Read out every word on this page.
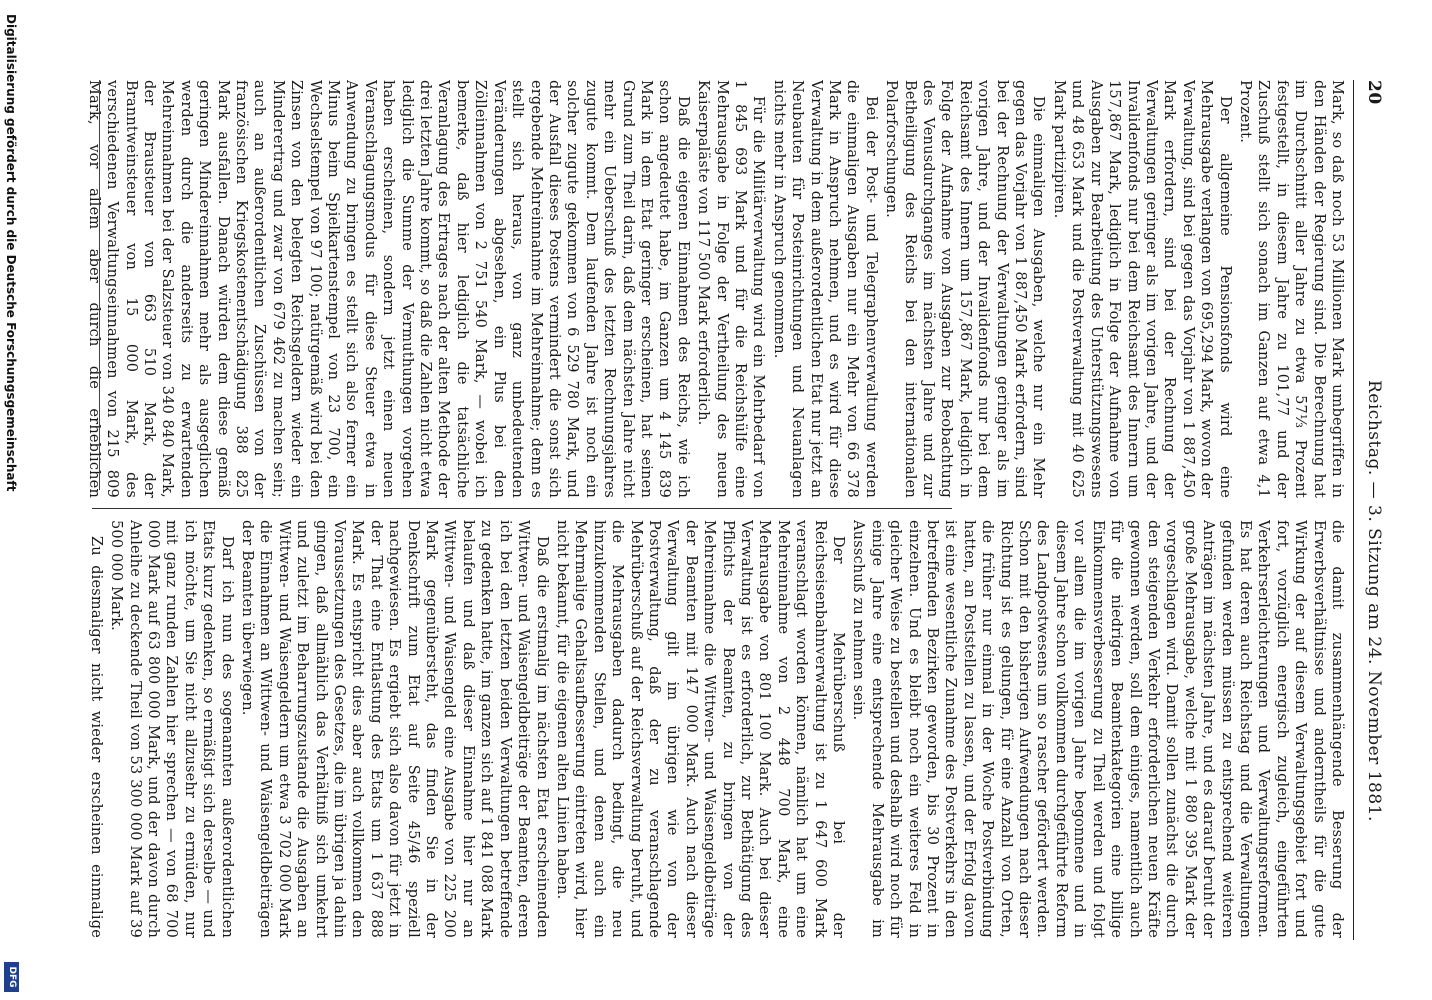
20
Reichstag. — 3. Sitzung am 24. November 1881.

Mark, so daß noch 53 Millionen Mark umbegriffen in den Händen der Regierung sind. Die Berechnung hat im Durchschnitt aller Jahre zu etwa 57⅓ Prozent festgestellt, in diesem Jahre zu 101,77 und der Zuschuß stellt sich sonach im Ganzen auf etwa 4,1 Prozent.

Der allgemeine Pensionsfonds wird eine Mehrausgabe verlangen von 695,294 Mark, wovon der Verwaltung, sind bei gegen das Vorjahr von 1 887,450 Mark erfordern, sind bei der Rechnung der Verwaltungen geringer als im vorigen Jahre, und der Invalidenfonds nur bei dem Reichsamt des Innern um 157,867 Mark, lediglich in Folge der Aufnahme von Ausgaben zur Bearbeitung des Unterstützungswesens und 48 653 Mark und die Postverwaltung mit 40 625 Mark partizipiren.

Die einmaligen Ausgaben, welche nur ein Mehr gegen das Vorjahr von 1 887,450 Mark erfordern, sind bei der Rechnung der Verwaltungen geringer als im vorigen Jahre, und der Invalidenfonds nur bei dem Reichsamt des Innern um 157,867 Mark, lediglich in Folge der Aufnahme von Ausgaben zur Beobachtung des Venusdurchganges im nächsten Jahre und zur Betheiligung des Reichs bei den internationalen Polarforschungen.

Bei der Post- und Telegraphenverwaltung werden die einmaligen Ausgaben nur ein Mehr von 66 378 Mark in Anspruch nehmen, und es wird für diese Verwaltung in dem außerordentlichen Etat nur jetzt an Neubauten für Posteinrichtungen und Neuanlagen nichts mehr in Anspruch genommen.

Für die Militärverwaltung wird ein Mehrbedarf von 1 845 693 Mark und für die Reichshülfe eine Mehrausgabe in Folge der Vertheilung des neuen Kaiserpaläste von 117 500 Mark erforderlich.

Daß die eigenen Einnahmen des Reichs, wie ich schon angedeutet habe, im Ganzen um 4 145 839 Mark in dem Etat geringer erscheinen, hat seinen Grund zum Theil darin, daß dem nächsten Jahre nicht mehr ein Ueberschuß des letzten Rechnungsjahres zugute kommt. Dem laufenden Jahre ist noch ein solcher zugute gekommen von 6 529 780 Mark, und der Ausfall dieses Postens vermindert die sonst sich ergebende Mehreinnahme im Mehreinnahme; denn es stellt sich heraus, von ganz unbedeutenden Veränderungen abgesehen, ein Plus bei den Zölleinnahmen von 2 751 540 Mark, — wobei ich bemerke, daß hier lediglich die tatsächliche Veranlagung des Ertrages nach der alten Methode der drei letzten Jahre kommt, so daß die Zahlen nicht etwa lediglich die Summe der Vermuthungen vorgehen haben erscheinen, sondern jetzt einen neuen Veranschlagungsmodus für diese Steuer etwa in Anwendung zu bringen es stellt sich also ferner ein Minus beim Spielkartenstempel von 23 700, ein Wechselstempel von 97 100; natürgemäß wird bei den Zinsen von den belegten Reichsgeldern wieder ein Minderertrag und zwar von 679 462 zu machen sein; auch an außerordentlichen Zuschüssen von der französischen Kriegskostenentschädigung 388 825 Mark ausfallen. Danach würden dem diese gemäß geringen Mindereinnahmen mehr als ausgeglichen werden durch die anderseits zu erwartenden Mehreinnahmen bei der Salzsteuer von 340 840 Mark, der Brausteuer von 663 510 Mark, der Branntweinsteuer von 15 000 Mark, des verschiedenen Verwaltungseinnahmen von 215 809 Mark, vor allem aber durch die erheblichen

die damit zusammenhängende Besserung der Erwerbsverhältnisse und anderntheils für die gute Wirkung der auf diesem Verwaltungsgebiet fort und fort, vorzüglich energisch zugleich, eingeführten Verkehrserleichterungen und Verwaltungsreformen. Es hat deren auch Reichstag und die Verwaltungen gefunden werden müssen zu entsprechend weiteren Anträgen im nächsten Jahre, und es darauf beruht der große Mehrausgabe, welche mit 1 880 395 Mark der vorgeschlagen wird. Damit sollen zunächst die durch den steigenden Verkehr erforderlichen neuen Kräfte gewonnen werden, soll dem einiges, namentlich auch für die niedrigen Beamtenkategorien eine billige Einkommensverbesserung zu Theil werden und folgt vor allem die im vorigen Jahre begonnene und in diesem Jahre schon vollkommen durchgeführte Reform des Landpostwesens um so rascher gefördert werden. Schon mit den bisherigen Aufwendungen nach dieser Richtung ist es gelungen, für eine Anzahl von Orten, die früher nur einmal in der Woche Postverbindung hatten, an Poststellen zu lassen, und der Erfolg davon ist eine wesentliche Zunahme des Postverkehrs in den betreffenden Bezirken geworden, bis 30 Prozent in einzelnen. Und es bleibt noch ein weiteres Feld in gleicher Weise zu bestellen und deshalb wird noch für einige Jahre eine entsprechende Mehrausgabe im Ausschuß zu nehmen sein.

Der Mehrüberschuß bei der Reichseisenbahnverwaltung ist zu 1 647 600 Mark veranschlagt worden können, nämlich hat um eine Mehreinnahme von 2 448 700 Mark, eine Mehrausgabe von 801 100 Mark. Auch bei dieser Verwaltung ist es erforderlich, zur Bethätigung des Pflichts der Beamten, zu bringen von der Mehreinnahme die Wittwen- und Waisengeldbeiträge der Beamten mit 147 000 Mark. Auch nach dieser Verwaltung gilt im übrigen wie von der Postverwaltung, daß der zu veranschlagende Mehrüberschuß auf der Reichsverwaltung beruht, und die Mehrausgaben dadurch bedingt, die neu hinzukommenden Stellen, und denen auch ein Mehrmalige Gehaltsaufbesserung eintreten wird, hier nicht bekannt, für die eigenen alten Linien haben.

Daß die erstmalig im nächsten Etat erscheinenden Wittwen- und Waisengeldbeiträge der Beamten, deren ich bei den letzten beiden Verwaltungen betreffende zu gedenken hatte, im ganzen sich auf 1 841 088 Mark belaufen und daß dieser Einnahme hier nur an Wittwen- und Waisengeld eine Ausgabe von 225 200 Mark gegenübersteht, das finden Sie in der Denkschrift zum Etat auf Seite 45/46 speziell nachgewiesen. Es ergiebt sich also davon für jetzt in der That eine Entlastung des Etats um 1 637 888 Mark. Es entspricht dies aber auch vollkommen den Voraussetzungen des Gesetzes, die im übrigen ja dahin gingen, daß allmählich das Verhältniß sich umkehrt und zuletzt im Beharrungszustande die Ausgaben an Wittwen- und Waisengeldern um etwa 3 702 000 Mark die Einnahmen an Wittwen- und Waisengeldbeiträgen der Beamten überwiegen.

Darf ich nun des sogenannten außerordentlichen Etats kurz gedenken, so ermäßigt sich derselbe — und ich möchte, um Sie nicht allzusehr zu ermüden, nur mit ganz runden Zahlen hier sprechen — von 68 700 000 Mark auf 63 800 000 Mark, und der davon durch Anleihe zu deckende Theil von 53 300 000 Mark auf 39 500 000 Mark.

Zu diesmaliger nicht wieder erscheinen einmalige

Digitalisierung gefördert durch die Deutsche Forschungsgemeinschaft
DFG
